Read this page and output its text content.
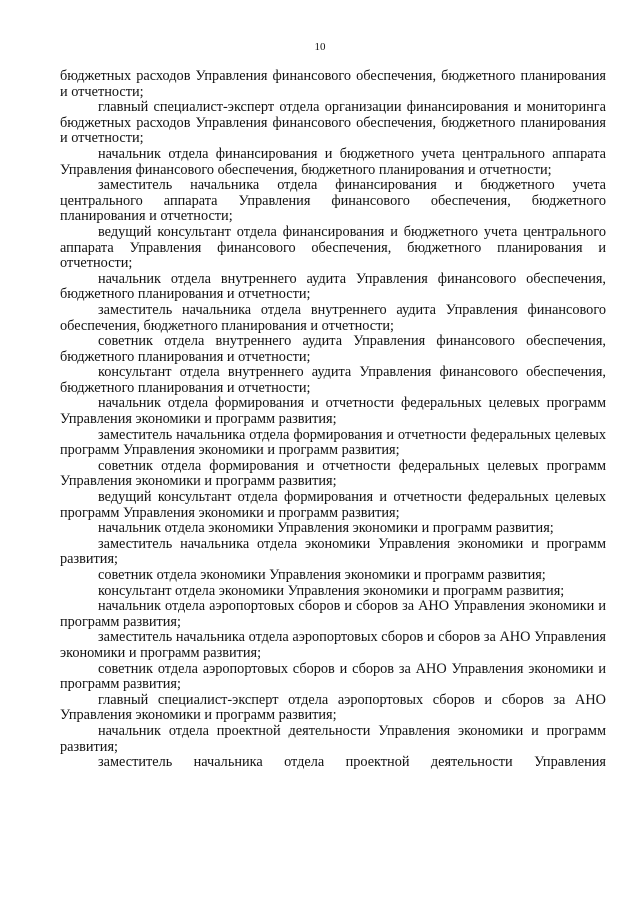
10

бюджетных расходов Управления финансового обеспечения, бюджетного планирования и отчетности;

главный специалист-эксперт отдела организации финансирования и мониторинга бюджетных расходов Управления финансового обеспечения, бюджетного планирования и отчетности;

начальник отдела финансирования и бюджетного учета центрального аппарата Управления финансового обеспечения, бюджетного планирования и отчетности;

заместитель начальника отдела финансирования и бюджетного учета центрального аппарата Управления финансового обеспечения, бюджетного планирования и отчетности;

ведущий консультант отдела финансирования и бюджетного учета центрального аппарата Управления финансового обеспечения, бюджетного планирования и отчетности;

начальник отдела внутреннего аудита Управления финансового обеспечения, бюджетного планирования и отчетности;

заместитель начальника отдела внутреннего аудита Управления финансового обеспечения, бюджетного планирования и отчетности;

советник отдела внутреннего аудита Управления финансового обеспечения, бюджетного планирования и отчетности;

консультант отдела внутреннего аудита Управления финансового обеспечения, бюджетного планирования и отчетности;

начальник отдела формирования и отчетности федеральных целевых программ Управления экономики и программ развития;

заместитель начальника отдела формирования и отчетности федеральных целевых программ Управления экономики и программ развития;

советник отдела формирования и отчетности федеральных целевых программ Управления экономики и программ развития;

ведущий консультант отдела формирования и отчетности федеральных целевых программ Управления экономики и программ развития;

начальник отдела экономики Управления экономики и программ развития;

заместитель начальника отдела экономики Управления экономики и программ развития;

советник отдела экономики Управления экономики и программ развития;

консультант отдела экономики Управления экономики и программ развития;

начальник отдела аэропортовых сборов и сборов за АНО Управления экономики и программ развития;

заместитель начальника отдела аэропортовых сборов и сборов за АНО Управления экономики и программ развития;

советник отдела аэропортовых сборов и сборов за АНО Управления экономики и программ развития;

главный специалист-эксперт отдела аэропортовых сборов и сборов за АНО Управления экономики и программ развития;

начальник отдела проектной деятельности Управления экономики и программ развития;

заместитель начальника отдела проектной деятельности Управления
